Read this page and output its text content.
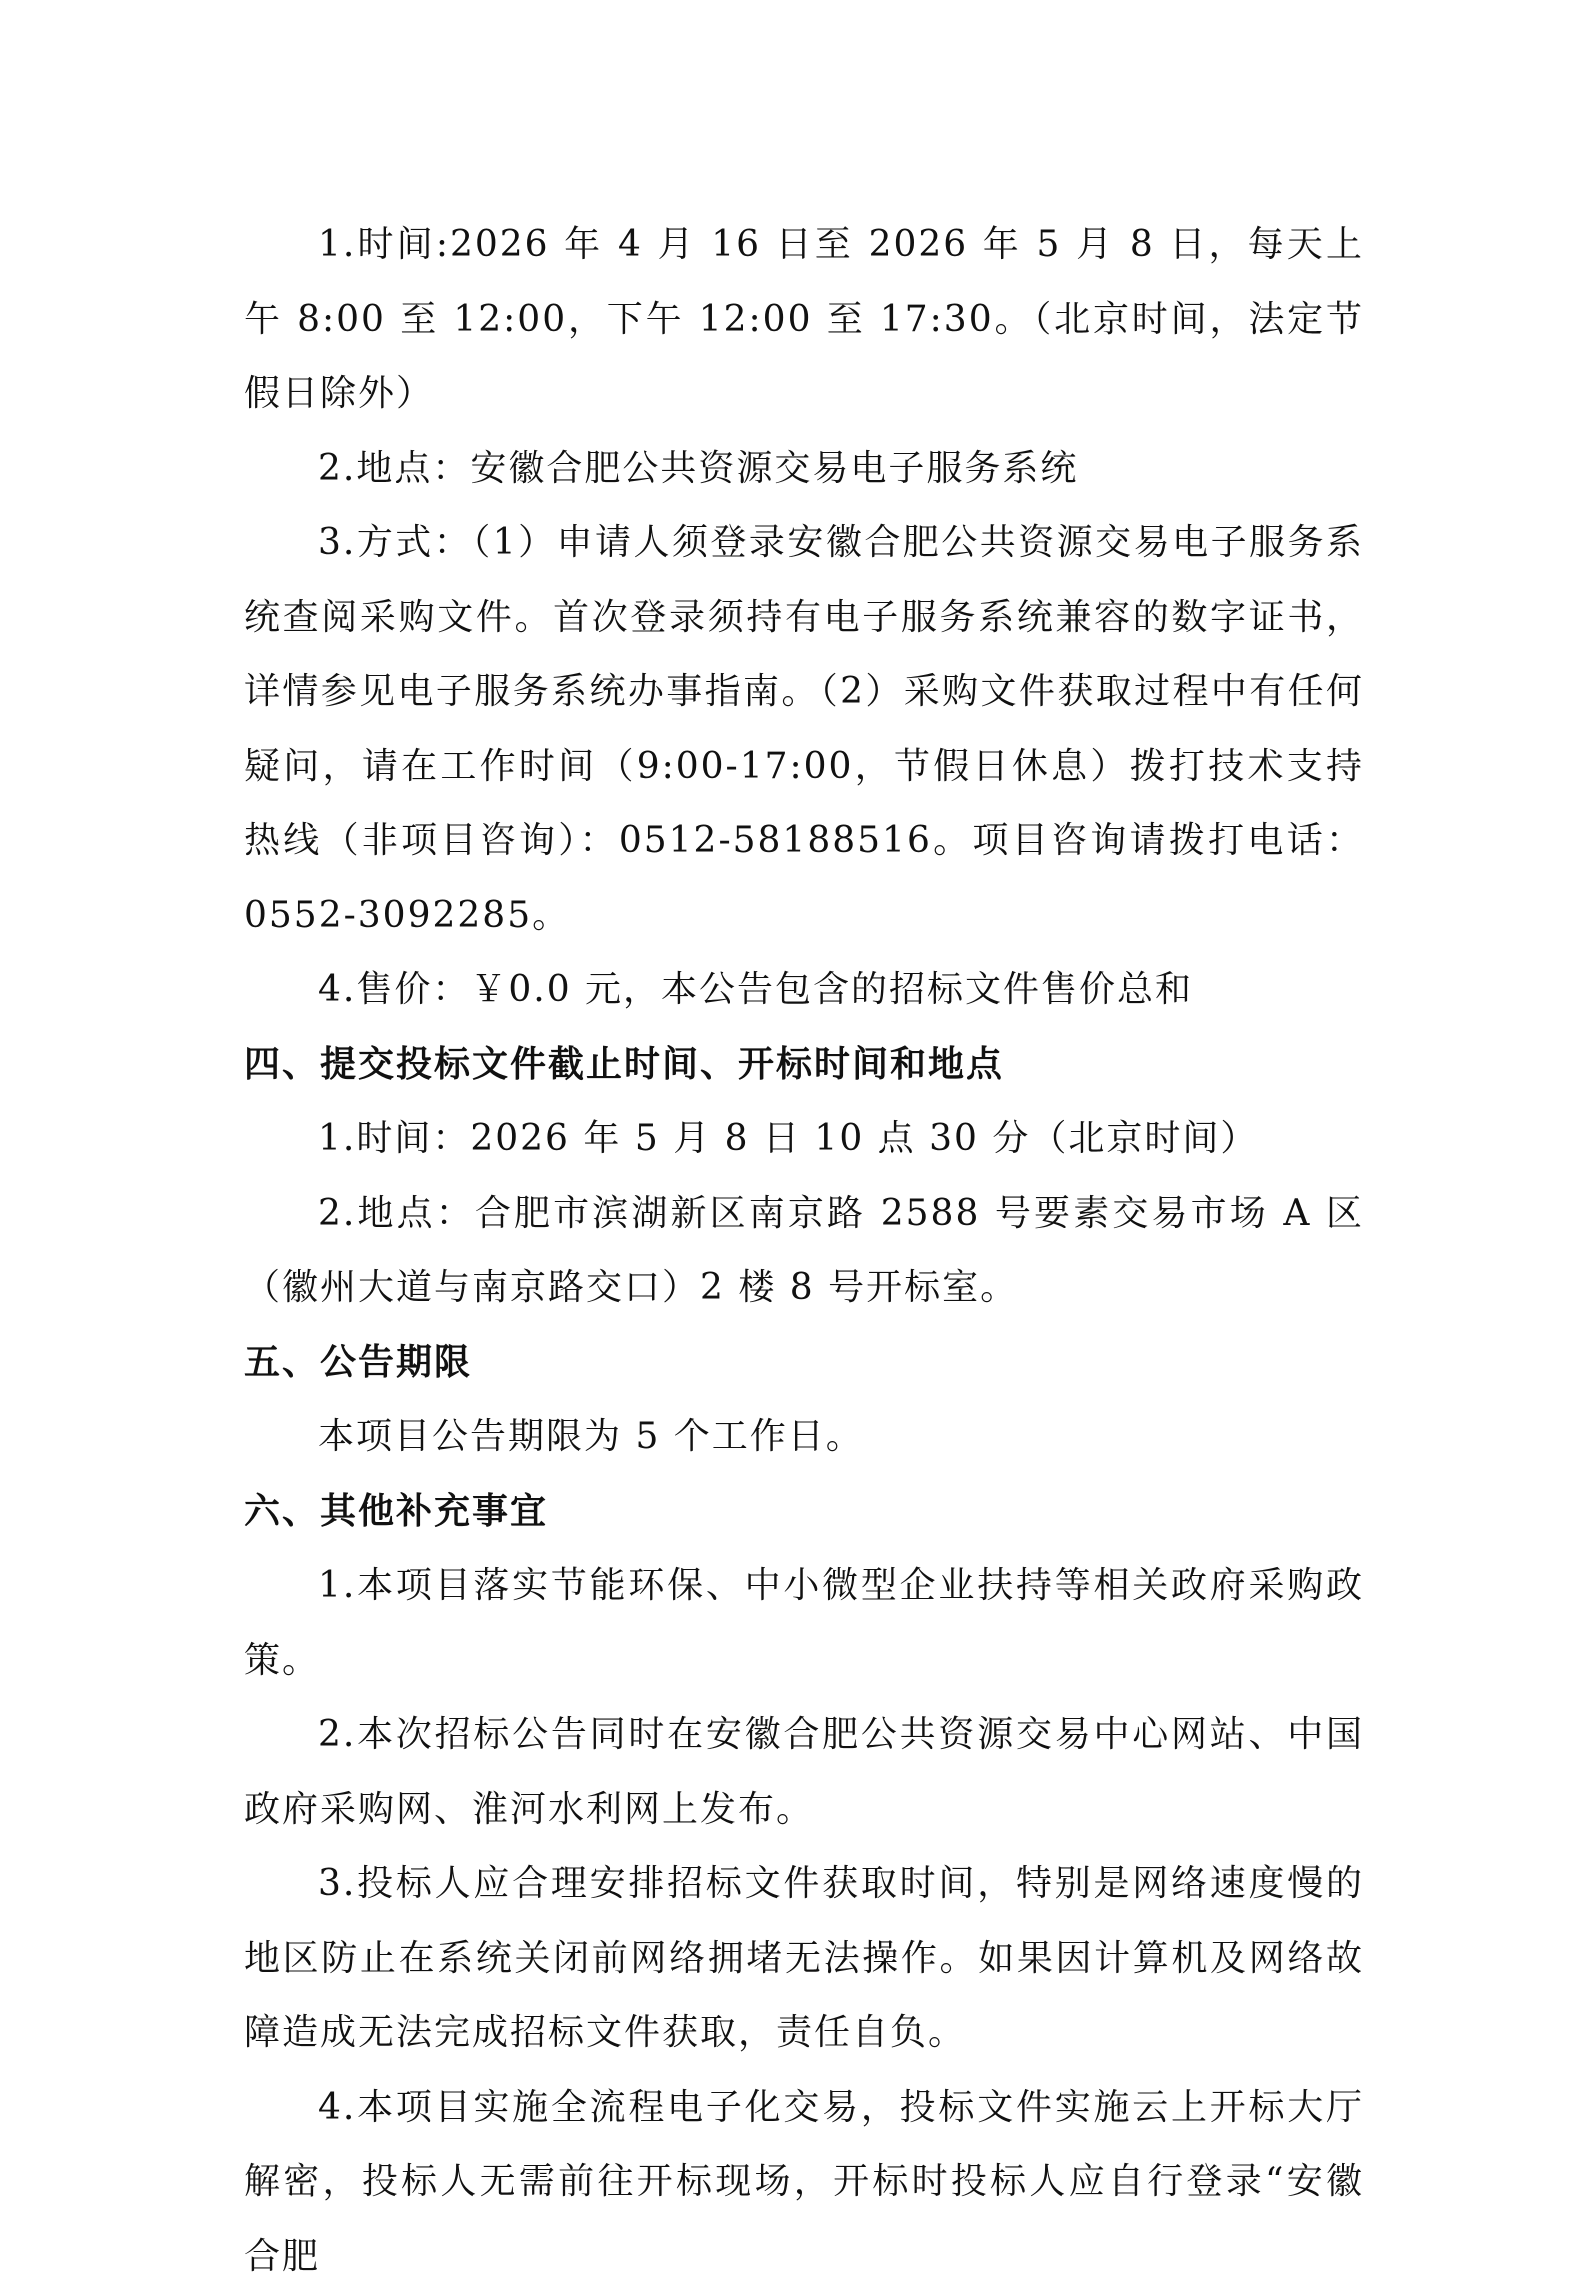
1.时间:2026 年 4 月 16 日至 2026 年 5 月 8 日，每天上午 8:00 至 12:00，下午 12:00 至 17:30。（北京时间，法定节假日除外）

2.地点：安徽合肥公共资源交易电子服务系统

3.方式：（1）申请人须登录安徽合肥公共资源交易电子服务系统查阅采购文件。首次登录须持有电子服务系统兼容的数字证书，详情参见电子服务系统办事指南。（2）采购文件获取过程中有任何疑问，请在工作时间（9:00-17:00，节假日休息）拨打技术支持热线（非项目咨询）：0512-58188516。项目咨询请拨打电话：0552-3092285。

4.售价：￥0.0 元，本公告包含的招标文件售价总和

四、提交投标文件截止时间、开标时间和地点

1.时间：2026 年 5 月 8 日 10 点 30 分（北京时间）

2.地点：合肥市滨湖新区南京路 2588 号要素交易市场 A 区（徽州大道与南京路交口）2 楼 8 号开标室。

五、公告期限

本项目公告期限为 5 个工作日。

六、其他补充事宜

1.本项目落实节能环保、中小微型企业扶持等相关政府采购政策。

2.本次招标公告同时在安徽合肥公共资源交易中心网站、中国政府采购网、淮河水利网上发布。

3.投标人应合理安排招标文件获取时间，特别是网络速度慢的地区防止在系统关闭前网络拥堵无法操作。如果因计算机及网络故障造成无法完成招标文件获取，责任自负。

4.本项目实施全流程电子化交易，投标文件实施云上开标大厅解密，投标人无需前往开标现场，开标时投标人应自行登录“安徽合肥
